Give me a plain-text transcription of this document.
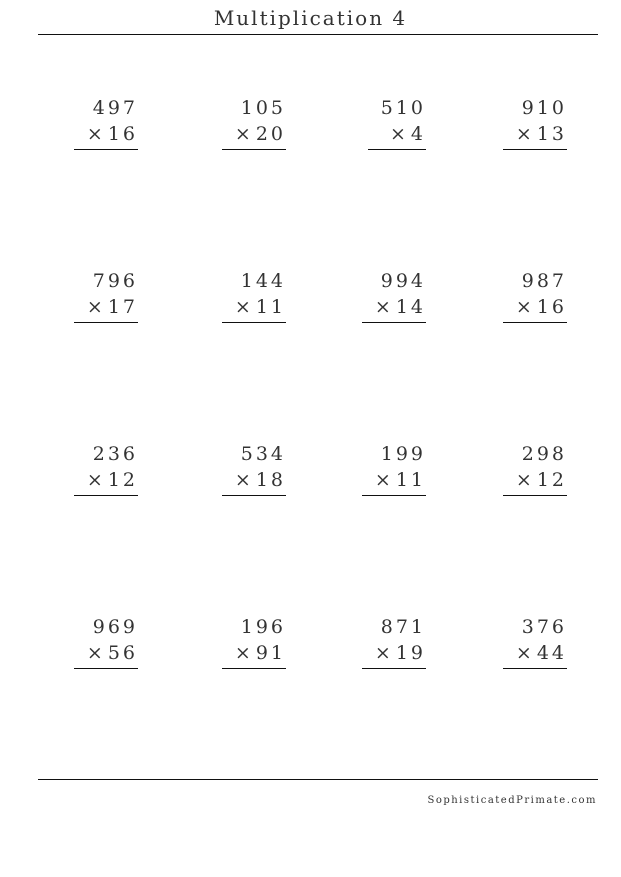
Multiplication 4
497
× 16
105
× 20
510
× 4
910
× 13
796
× 17
144
× 11
994
× 14
987
× 16
236
× 12
534
× 18
199
× 11
298
× 12
969
× 56
196
× 91
871
× 19
376
× 44
SophisticatedPrimate.com
